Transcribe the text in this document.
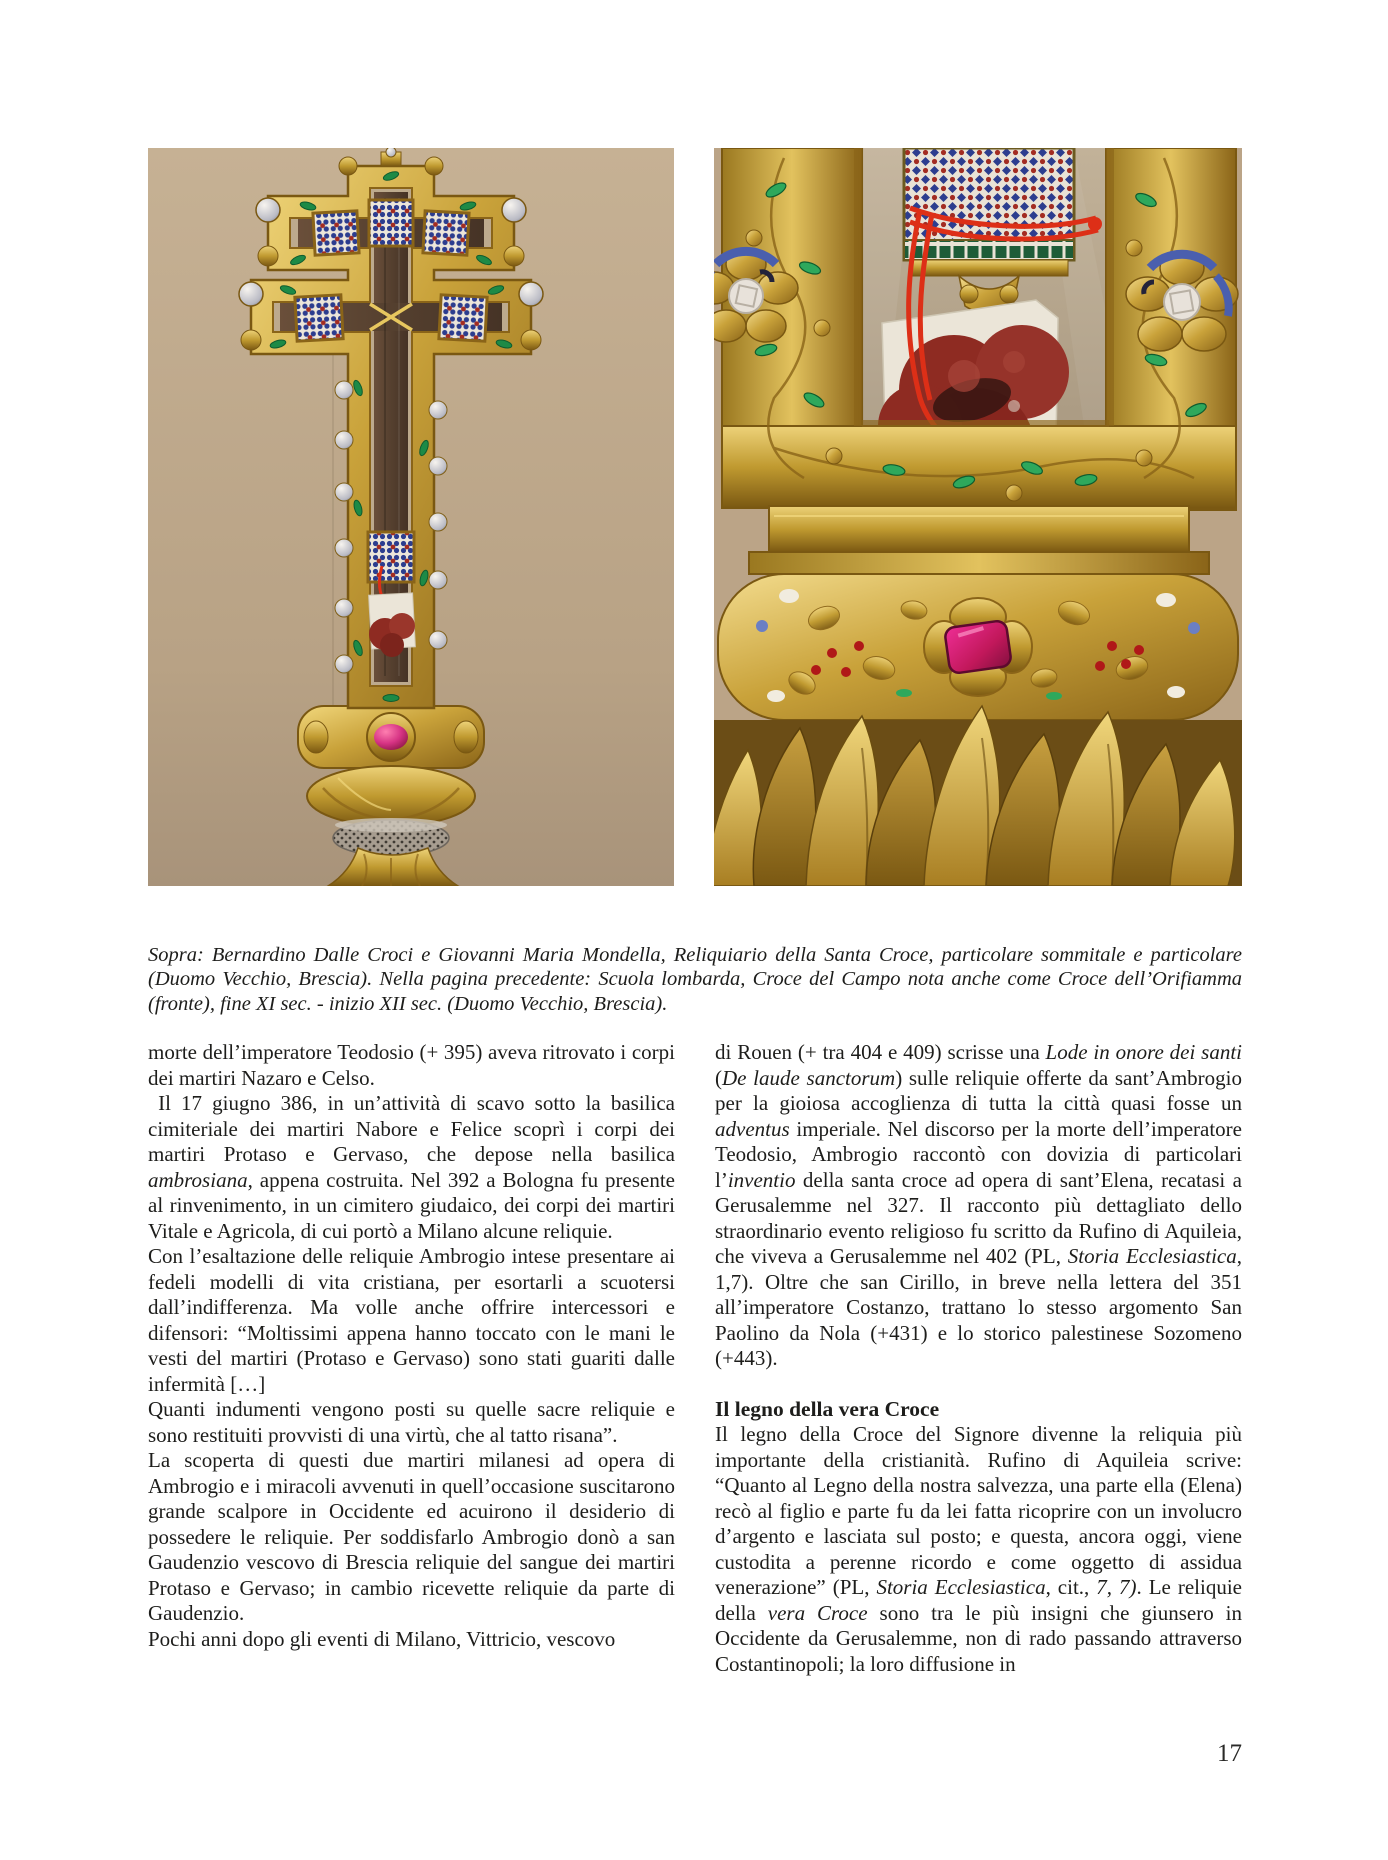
Sopra: Bernardino Dalle Croci e Giovanni Maria Mondella, Reliquiario della Santa Croce, particolare sommitale e particolare (Duomo Vecchio, Brescia). Nella pagina precedente: Scuola lombarda, Croce del Campo nota anche come Croce dell’Orifiamma (fronte), fine XI sec. - inizio XII sec. (Duomo Vecchio, Brescia).

morte dell’imperatore Teodosio (+ 395) aveva ritrovato i corpi dei martiri Nazaro e Celso.

Il 17 giugno 386, in un’attività di scavo sotto la basilica cimiteriale dei martiri Nabore e Felice scoprì i corpi dei martiri Protaso e Gervaso, che depose nella basilica ambrosiana, appena costruita. Nel 392 a Bologna fu presente al rinvenimento, in un cimitero giudaico, dei corpi dei martiri Vitale e Agricola, di cui portò a Milano alcune reliquie.

Con l’esaltazione delle reliquie Ambrogio intese presentare ai fedeli modelli di vita cristiana, per esortarli a scuotersi dall’indifferenza. Ma volle anche offrire intercessori e difensori: “Moltissimi appena hanno toccato con le mani le vesti del martiri (Protaso e Gervaso) sono stati guariti dalle infermità […]

Quanti indumenti vengono posti su quelle sacre reliquie e sono restituiti provvisti di una virtù, che al tatto risana”.

La scoperta di questi due martiri milanesi ad opera di Ambrogio e i miracoli avvenuti in quell’occasione suscitarono grande scalpore in Occidente ed acuirono il desiderio di possedere le reliquie. Per soddisfarlo Ambrogio donò a san Gaudenzio vescovo di Brescia reliquie del sangue dei martiri Protaso e Gervaso; in cambio ricevette reliquie da parte di Gaudenzio.

Pochi anni dopo gli eventi di Milano, Vittricio, vescovo

di Rouen (+ tra 404 e 409) scrisse una Lode in onore dei santi (De laude sanctorum) sulle reliquie offerte da sant’Ambrogio per la gioiosa accoglienza di tutta la città quasi fosse un adventus imperiale. Nel discorso per la morte dell’imperatore Teodosio, Ambrogio raccontò con dovizia di particolari l’inventio della santa croce ad opera di sant’Elena, recatasi a Gerusalemme nel 327. Il racconto più dettagliato dello straordinario evento religioso fu scritto da Rufino di Aquileia, che viveva a Gerusalemme nel 402 (PL, Storia Ecclesiastica, 1,7). Oltre che san Cirillo, in breve nella lettera del 351 all’imperatore Costanzo, trattano lo stesso argomento San Paolino da Nola (+431) e lo storico palestinese Sozomeno (+443).

Il legno della vera Croce

Il legno della Croce del Signore divenne la reliquia più importante della cristianità. Rufino di Aquileia scrive: “Quanto al Legno della nostra salvezza, una parte ella (Elena) recò al figlio e parte fu da lei fatta ricoprire con un involucro d’argento e lasciata sul posto; e questa, ancora oggi, viene custodita a perenne ricordo e come oggetto di assidua venerazione” (PL, Storia Ecclesiastica, cit., 7, 7). Le reliquie della vera Croce sono tra le più insigni che giunsero in Occidente da Gerusalemme, non di rado passando attraverso Costantinopoli; la loro diffusione in

17
